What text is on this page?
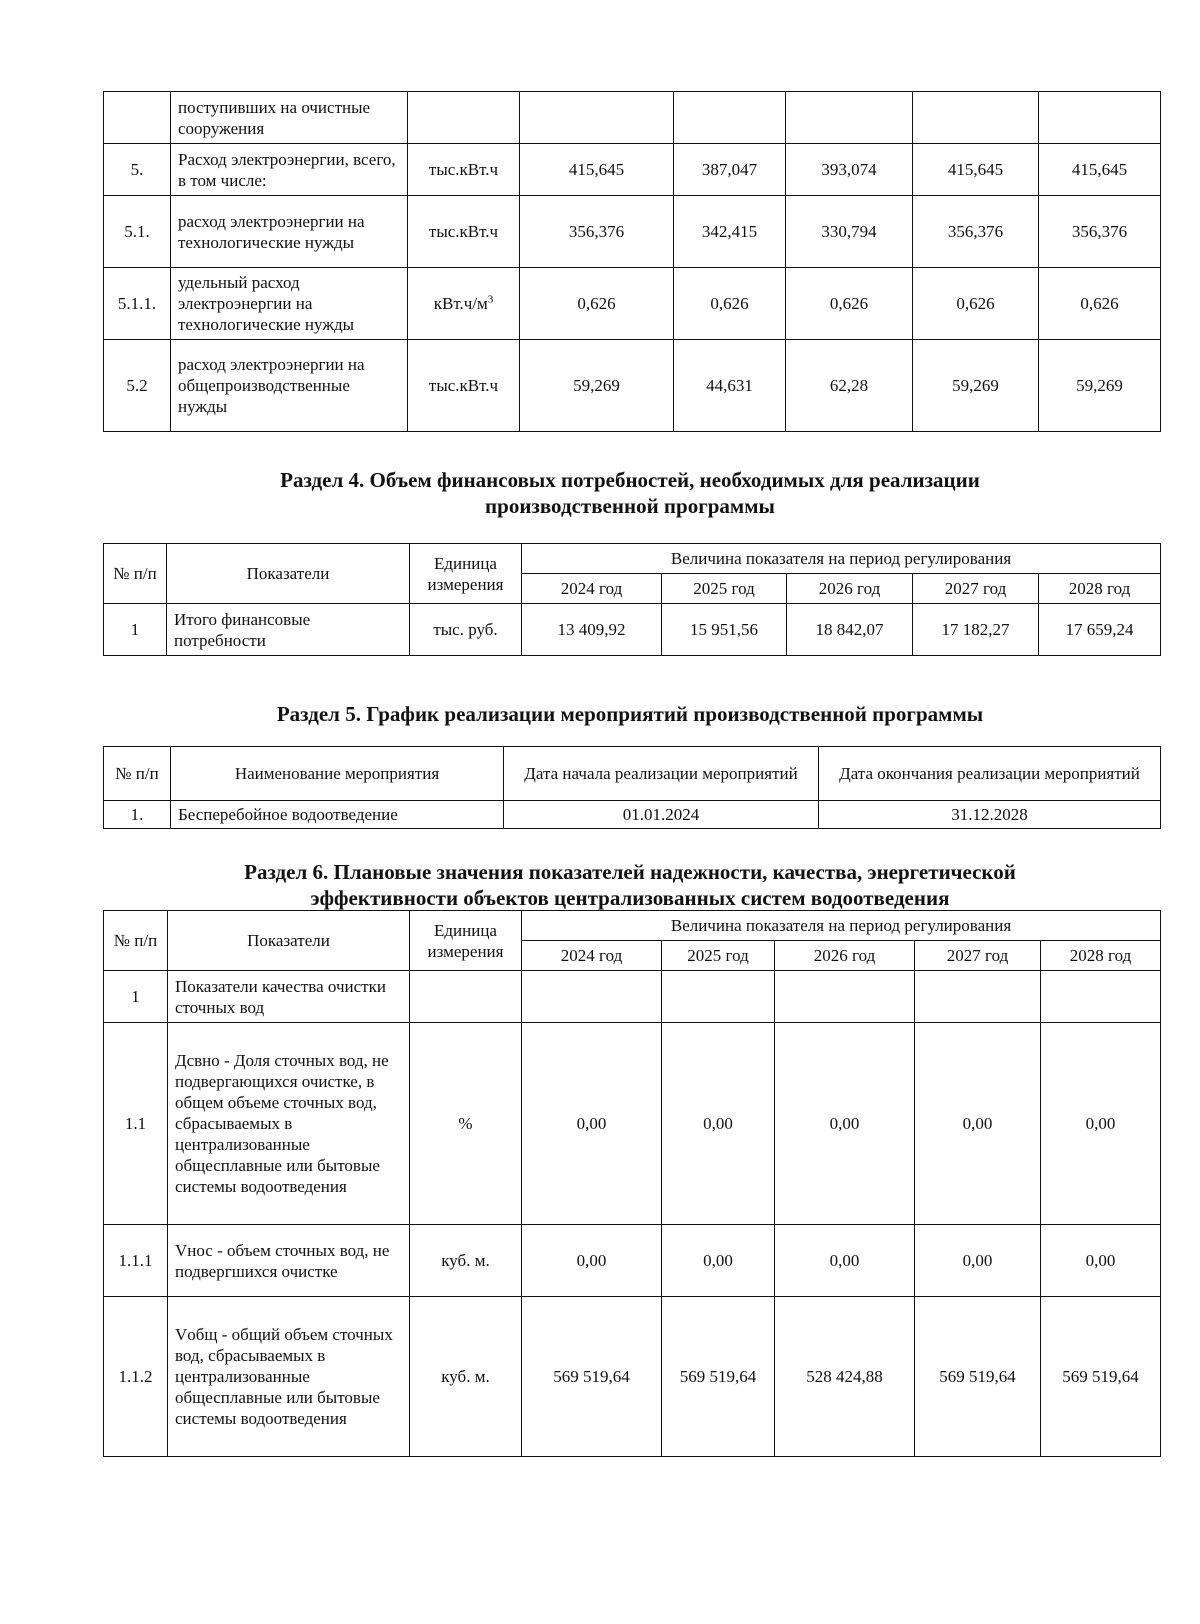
	поступивших на очистные сооружения						
5.	Расход электроэнергии, всего, в том числе:	тыс.кВт.ч	415,645	387,047	393,074	415,645	415,645
5.1.	расход электроэнергии на технологические нужды	тыс.кВт.ч	356,376	342,415	330,794	356,376	356,376
5.1.1.	удельный расход электроэнергии на технологические нужды	$кВт.ч/м^3$	0,626	0,626	0,626	0,626	0,626
5.2	расход электроэнергии на общепроизводственные нужды	тыс.кВт.ч	59,269	44,631	62,28	59,269	59,269
Раздел 4. Объем финансовых потребностей, необходимых для реализации
производственной программы
№ п/п	Показатели	Единица измерения	Величина показателя на период регулирования				
			2024 год	2025 год	2026 год	2027 год	2028 год
1	Итого финансовые потребности	тыс. руб.	13 409,92	15 951,56	18 842,07	17 182,27	17 659,24
Раздел 5. График реализации мероприятий производственной программы
№ п/п	Наименование мероприятия	Дата начала реализации мероприятий	Дата окончания реализации мероприятий
1.	Бесперебойное водоотведение	01.01.2024	31.12.2028
Раздел 6. Плановые значения показателей надежности, качества, энергетической
эффективности объектов централизованных систем водоотведения
№ п/п	Показатели	Единица измерения	Величина показателя на период регулирования				
			2024 год	2025 год	2026 год	2027 год	2028 год
1	Показатели качества очистки сточных вод						
1.1	Дсвно - Доля сточных вод, не подвергающихся очистке, в общем объеме сточных вод, сбрасываемых в централизованные общесплавные или бытовые системы водоотведения	%	0,00	0,00	0,00	0,00	0,00
1.1.1	Vнос - объем сточных вод, не подвергшихся очистке	куб. м.	0,00	0,00	0,00	0,00	0,00
1.1.2	Vобщ - общий объем сточных вод, сбрасываемых в централизованные общесплавные или бытовые системы водоотведения	куб. м.	569 519,64	569 519,64	528 424,88	569 519,64	569 519,64
